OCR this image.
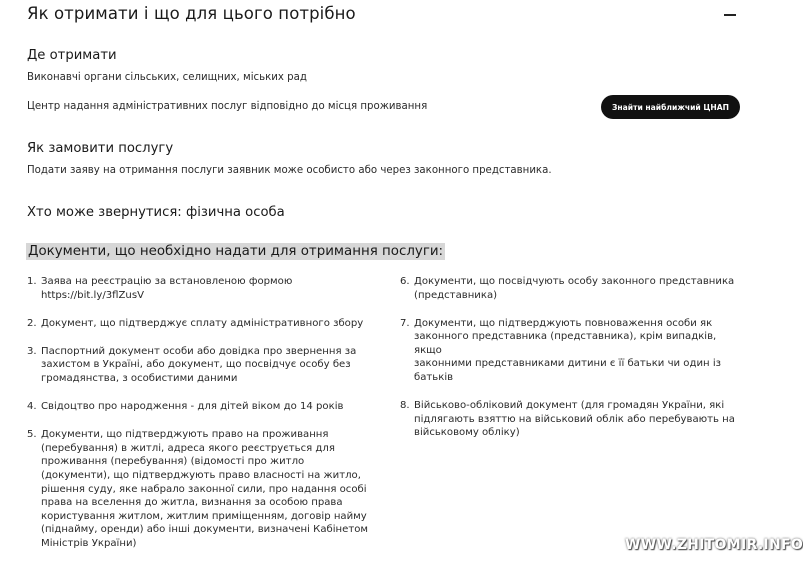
Як отримати і що для цього потрібно
Де отримати
Виконавчі органи сільських, селищних, міських рад
Центр надання адміністративних послуг відповідно до місця проживання	Знайти найближчий ЦНАП
Як замовити послугу
Подати заяву на отримання послуги заявник може особисто або через законного представника.
Хто може звернутися: фізична особа
Документи, що необхідно надати для отримання послуги:
1. Заява на реєстрацію за встановленою формою
https://bit.ly/3flZusV
2. Документ, що підтверджує сплату адміністративного збору
3. Паспортний документ особи або довідка про звернення за
захистом в Україні, або документ, що посвідчує особу без
громадянства, з особистими даними
4. Свідоцтво про народження - для дітей віком до 14 років
5. Документи, що підтверджують право на проживання
(перебування) в житлі, адреса якого реєструється для
проживання (перебування) (відомості про житло
(документи), що підтверджують право власності на житло,
рішення суду, яке набрало законної сили, про надання особі
права на вселення до житла, визнання за особою права
користування житлом, житлим приміщенням, договір найму
(піднайму, оренди) або інші документи, визначені Кабінетом
Міністрів України)
6. Документи, що посвідчують особу законного представника
(представника)
7. Документи, що підтверджують повноваження особи як
законного представника (представника), крім випадків, якщо
законними представниками дитини є її батьки чи один із
батьків
8. Військово-обліковий документ (для громадян України, які
підлягають взяттю на військовий облік або перебувають на
військовому обліку)
WWW.ZHITOMIR.INFO
